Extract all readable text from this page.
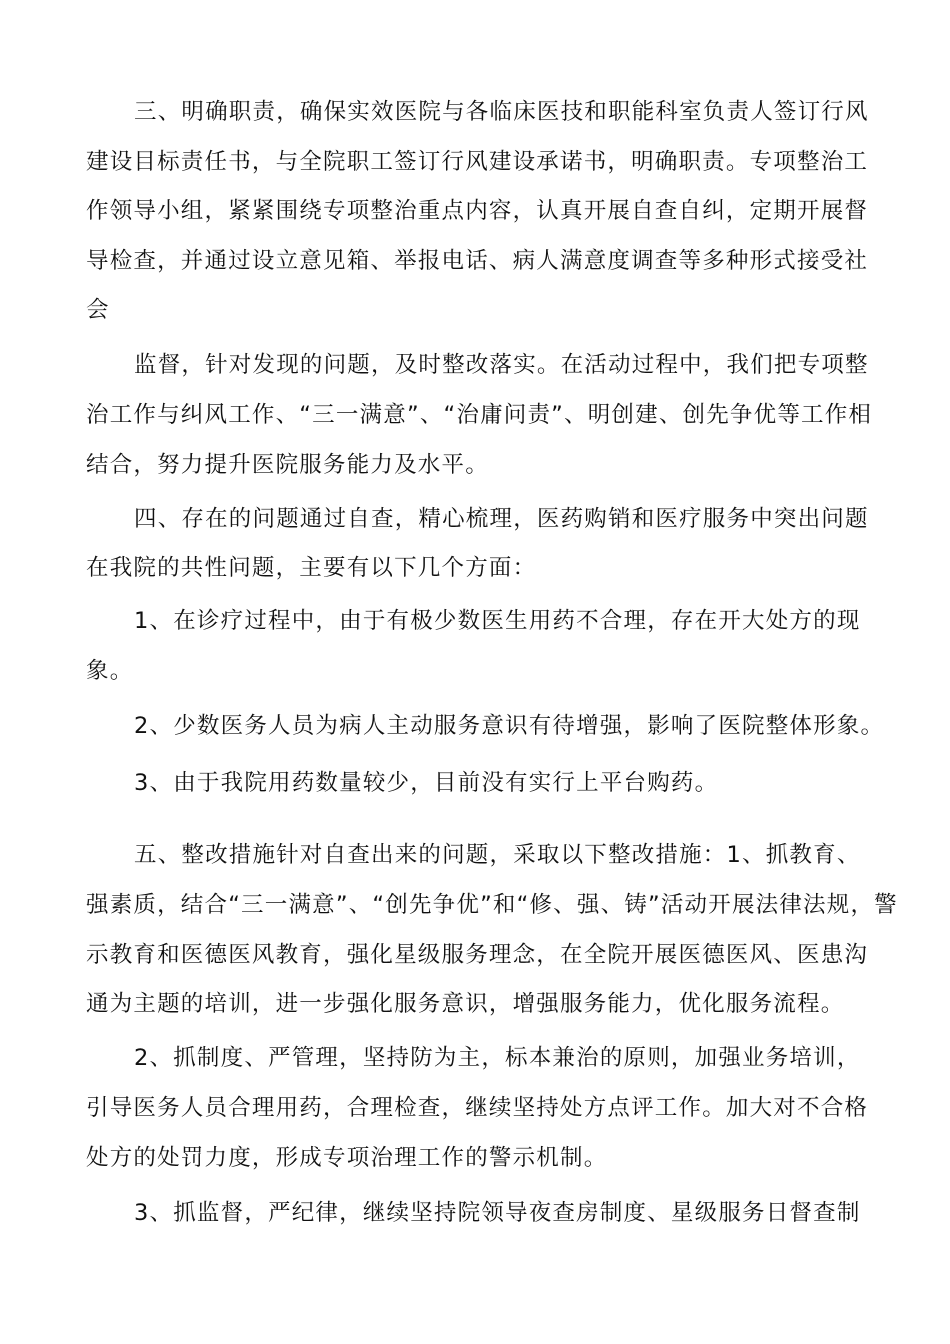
三、明确职责，确保实效医院与各临床医技和职能科室负责人签订行风
建设目标责任书，与全院职工签订行风建设承诺书，明确职责。专项整治工
作领导小组，紧紧围绕专项整治重点内容，认真开展自查自纠，定期开展督
导检查，并通过设立意见箱、举报电话、病人满意度调查等多种形式接受社
会
监督，针对发现的问题，及时整改落实。在活动过程中，我们把专项整
治工作与纠风工作、“三一满意”、“治庸问责”、明创建、创先争优等工作相
结合，努力提升医院服务能力及水平。
四、存在的问题通过自查，精心梳理，医药购销和医疗服务中突出问题
在我院的共性问题，主要有以下几个方面：
1、在诊疗过程中，由于有极少数医生用药不合理，存在开大处方的现
象。
2、少数医务人员为病人主动服务意识有待增强，影响了医院整体形象。
3、由于我院用药数量较少，目前没有实行上平台购药。
五、整改措施针对自查出来的问题，采取以下整改措施：1、抓教育、
强素质，结合“三一满意”、“创先争优”和“修、强、铸”活动开展法律法规，警
示教育和医德医风教育，强化星级服务理念，在全院开展医德医风、医患沟
通为主题的培训，进一步强化服务意识，增强服务能力，优化服务流程。
2、抓制度、严管理，坚持防为主，标本兼治的原则，加强业务培训，
引导医务人员合理用药，合理检查，继续坚持处方点评工作。加大对不合格
处方的处罚力度，形成专项治理工作的警示机制。
3、抓监督，严纪律，继续坚持院领导夜查房制度、星级服务日督查制
